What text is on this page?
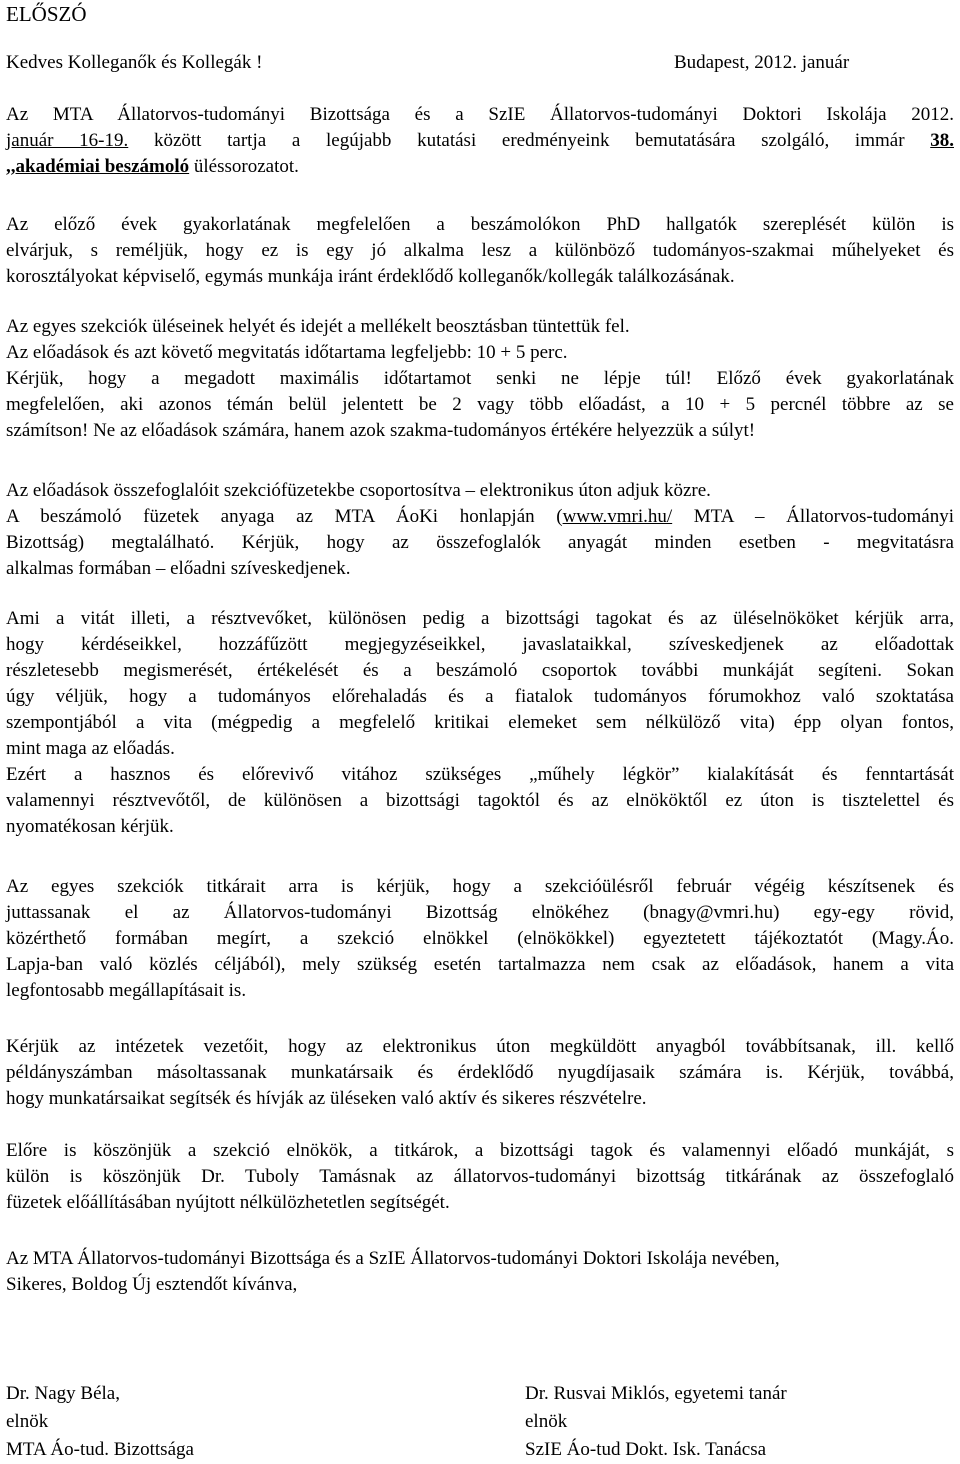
ELŐSZÓ
Kedves Kolleganők és Kollegák !	Budapest, 2012. január
Az MTA Állatorvos-tudományi Bizottsága és a SzIE Állatorvos-tudományi Doktori Iskolája 2012.
január 16-19. között tartja a legújabb kutatási eredményeink bemutatására szolgáló, immár 38.
,,akadémiai beszámoló üléssorozatot.
Az előző évek gyakorlatának megfelelően a beszámolókon PhD hallgatók szereplését külön is
elvárjuk, s reméljük, hogy ez is egy jó alkalma lesz a különböző tudományos-szakmai műhelyeket és
korosztályokat képviselő, egymás munkája iránt érdeklődő kolleganők/kollegák találkozásának.
Az egyes szekciók üléseinek helyét és idejét a mellékelt beosztásban tüntettük fel.
Az előadások és azt követő megvitatás időtartama legfeljebb: 10 + 5 perc.
Kérjük, hogy a megadott maximális időtartamot senki ne lépje túl! Előző évek gyakorlatának
megfelelően, aki azonos témán belül jelentett be 2 vagy több előadást, a 10 + 5 percnél többre az se
számítson! Ne az előadások számára, hanem azok szakma-tudományos értékére helyezzük a súlyt!
Az előadások összefoglalóit szekciófüzetekbe csoportosítva – elektronikus úton adjuk közre.
A beszámoló füzetek anyaga az MTA ÁoKi honlapján (www.vmri.hu/ MTA – Állatorvos-tudományi
Bizottság) megtalálható. Kérjük, hogy az összefoglalók anyagát minden esetben - megvitatásra
alkalmas formában – előadni szíveskedjenek.
Ami a vitát illeti, a résztvevőket, különösen pedig a bizottsági tagokat és az üléselnököket kérjük arra,
hogy kérdéseikkel, hozzáfűzött megjegyzéseikkel, javaslataikkal, szíveskedjenek az előadottak
részletesebb megismerését, értékelését és a beszámoló csoportok további munkáját segíteni. Sokan
úgy véljük, hogy a tudományos előrehaladás és a fiatalok tudományos fórumokhoz való szoktatása
szempontjából a vita (mégpedig a megfelelő kritikai elemeket sem nélkülöző vita) épp olyan fontos,
mint maga az előadás.
Ezért a hasznos és előrevivő vitához szükséges „műhely légkör” kialakítását és fenntartását
valamennyi résztvevőtől, de különösen a bizottsági tagoktól és az elnököktől ez úton is tisztelettel és
nyomatékosan kérjük.
Az egyes szekciók titkárait arra is kérjük, hogy a szekcióülésről február végéig készítsenek és
juttassanak el az Állatorvos-tudományi Bizottság elnökéhez (bnagy@vmri.hu) egy-egy rövid,
közérthető formában megírt, a szekció elnökkel (elnökökkel) egyeztetett tájékoztatót (Magy.Áo.
Lapja-ban való közlés céljából), mely szükség esetén tartalmazza nem csak az előadások, hanem a vita
legfontosabb megállapításait is.
Kérjük az intézetek vezetőit, hogy az elektronikus úton megküldött anyagból továbbítsanak, ill. kellő
példányszámban másoltassanak munkatársaik és érdeklődő nyugdíjasaik számára is. Kérjük, továbbá,
hogy munkatársaikat segítsék és hívják az üléseken való aktív és sikeres részvételre.
Előre is köszönjük a szekció elnökök, a titkárok, a bizottsági tagok és valamennyi előadó munkáját, s
külön is köszönjük Dr. Tuboly Tamásnak az állatorvos-tudományi bizottság titkárának az összefoglaló
füzetek előállításában nyújtott nélkülözhetetlen segítségét.
Az MTA Állatorvos-tudományi Bizottsága és a SzIE Állatorvos-tudományi Doktori Iskolája nevében,
Sikeres, Boldog Új esztendőt kívánva,
Dr. Nagy Béla,
elnök
MTA Áo-tud. Bizottsága
Dr. Rusvai Miklós, egyetemi tanár
elnök
SzIE Áo-tud Dokt. Isk. Tanácsa
